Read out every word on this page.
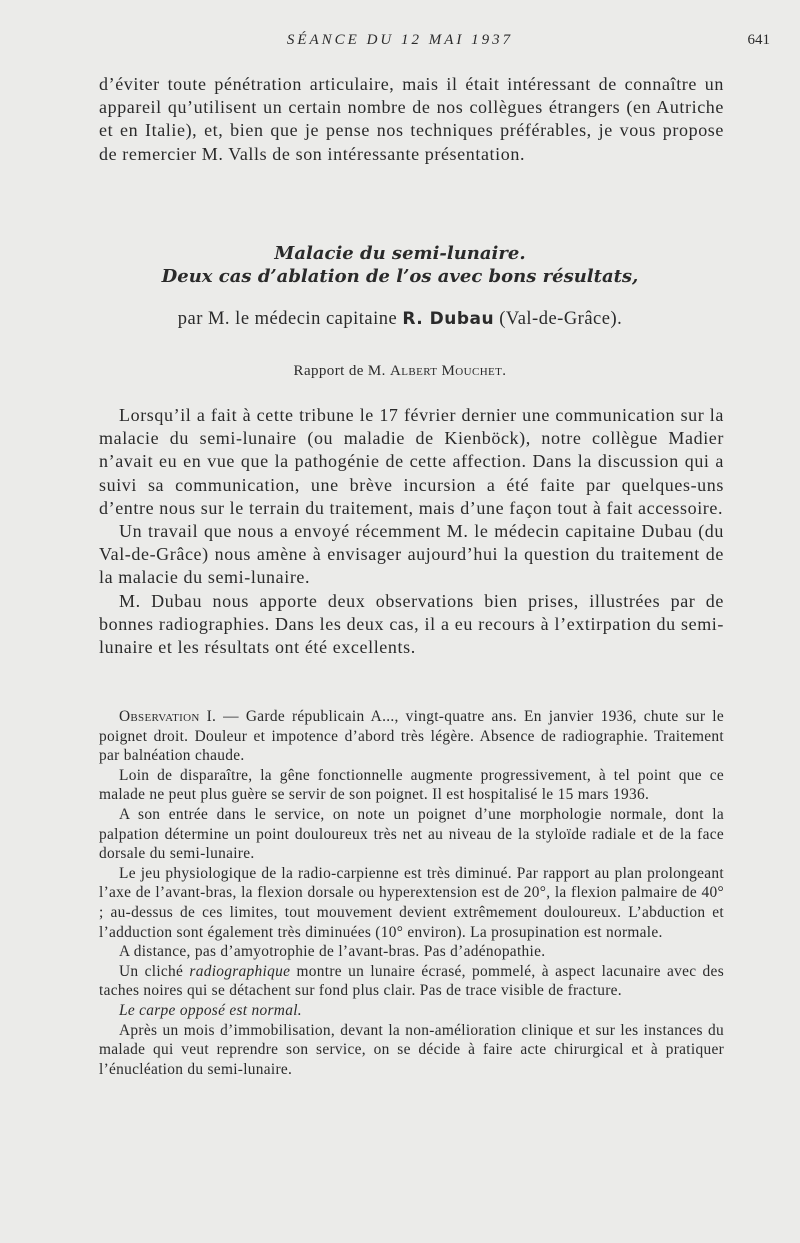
SÉANCE DU 12 MAI 1937	641

d’éviter toute pénétration articulaire, mais il était intéressant de connaître un appareil qu’utilisent un certain nombre de nos collègues étrangers (en Autriche et en Italie), et, bien que je pense nos techniques préférables, je vous propose de remercier M. Valls de son intéressante présentation.

Malacie du semi-lunaire.
Deux cas d’ablation de l’os avec bons résultats,
par M. le médecin capitaine R. Dubau (Val-de-Grâce).
Rapport de M. Albert Mouchet.

Lorsqu’il a fait à cette tribune le 17 février dernier une communication sur la malacie du semi-lunaire (ou maladie de Kienböck), notre collègue Madier n’avait eu en vue que la pathogénie de cette affection. Dans la discussion qui a suivi sa communication, une brève incursion a été faite par quelques-uns d’entre nous sur le terrain du traitement, mais d’une façon tout à fait accessoire.

Un travail que nous a envoyé récemment M. le médecin capitaine Dubau (du Val-de-Grâce) nous amène à envisager aujourd’hui la question du traitement de la malacie du semi-lunaire.

M. Dubau nous apporte deux observations bien prises, illustrées par de bonnes radiographies. Dans les deux cas, il a eu recours à l’extirpation du semi-lunaire et les résultats ont été excellents.

Observation I. — Garde républicain A..., vingt-quatre ans. En janvier 1936, chute sur le poignet droit. Douleur et impotence d’abord très légère. Absence de radiographie. Traitement par balnéation chaude.

Loin de disparaître, la gêne fonctionnelle augmente progressivement, à tel point que ce malade ne peut plus guère se servir de son poignet. Il est hospitalisé le 15 mars 1936.

A son entrée dans le service, on note un poignet d’une morphologie normale, dont la palpation détermine un point douloureux très net au niveau de la styloïde radiale et de la face dorsale du semi-lunaire.

Le jeu physiologique de la radio-carpienne est très diminué. Par rapport au plan prolongeant l’axe de l’avant-bras, la flexion dorsale ou hyperextension est de 20°, la flexion palmaire de 40° ; au-dessus de ces limites, tout mouvement devient extrêmement douloureux. L’abduction et l’adduction sont également très diminuées (10° environ). La prosupination est normale.

A distance, pas d’amyotrophie de l’avant-bras. Pas d’adénopathie.

Un cliché radiographique montre un lunaire écrasé, pommelé, à aspect lacunaire avec des taches noires qui se détachent sur fond plus clair. Pas de trace visible de fracture.

Le carpe opposé est normal.

Après un mois d’immobilisation, devant la non-amélioration clinique et sur les instances du malade qui veut reprendre son service, on se décide à faire acte chirurgical et à pratiquer l’énucléation du semi-lunaire.
